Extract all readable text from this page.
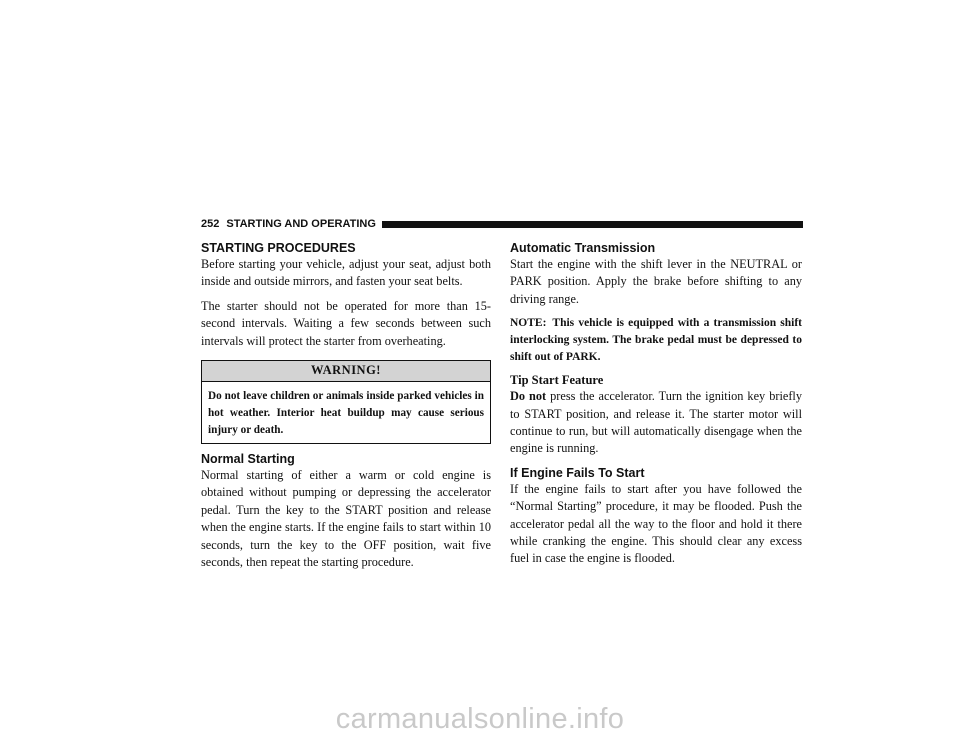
252 STARTING AND OPERATING
STARTING PROCEDURES

Before starting your vehicle, adjust your seat, adjust both inside and outside mirrors, and fasten your seat belts.

The starter should not be operated for more than 15-second intervals. Waiting a few seconds between such intervals will protect the starter from overheating.

WARNING!
Do not leave children or animals inside parked vehicles in hot weather. Interior heat buildup may cause serious injury or death.
Normal Starting

Normal starting of either a warm or cold engine is obtained without pumping or depressing the accelerator pedal. Turn the key to the START position and release when the engine starts. If the engine fails to start within 10 seconds, turn the key to the OFF position, wait five seconds, then repeat the starting procedure.

Automatic Transmission

Start the engine with the shift lever in the NEUTRAL or PARK position. Apply the brake before shifting to any driving range.

NOTE: This vehicle is equipped with a transmission shift interlocking system. The brake pedal must be depressed to shift out of PARK.

Tip Start Feature

Do not press the accelerator. Turn the ignition key briefly to START position, and release it. The starter motor will continue to run, but will automatically disengage when the engine is running.

If Engine Fails To Start

If the engine fails to start after you have followed the “Normal Starting” procedure, it may be flooded. Push the accelerator pedal all the way to the floor and hold it there while cranking the engine. This should clear any excess fuel in case the engine is flooded.

carmanualsonline.info
